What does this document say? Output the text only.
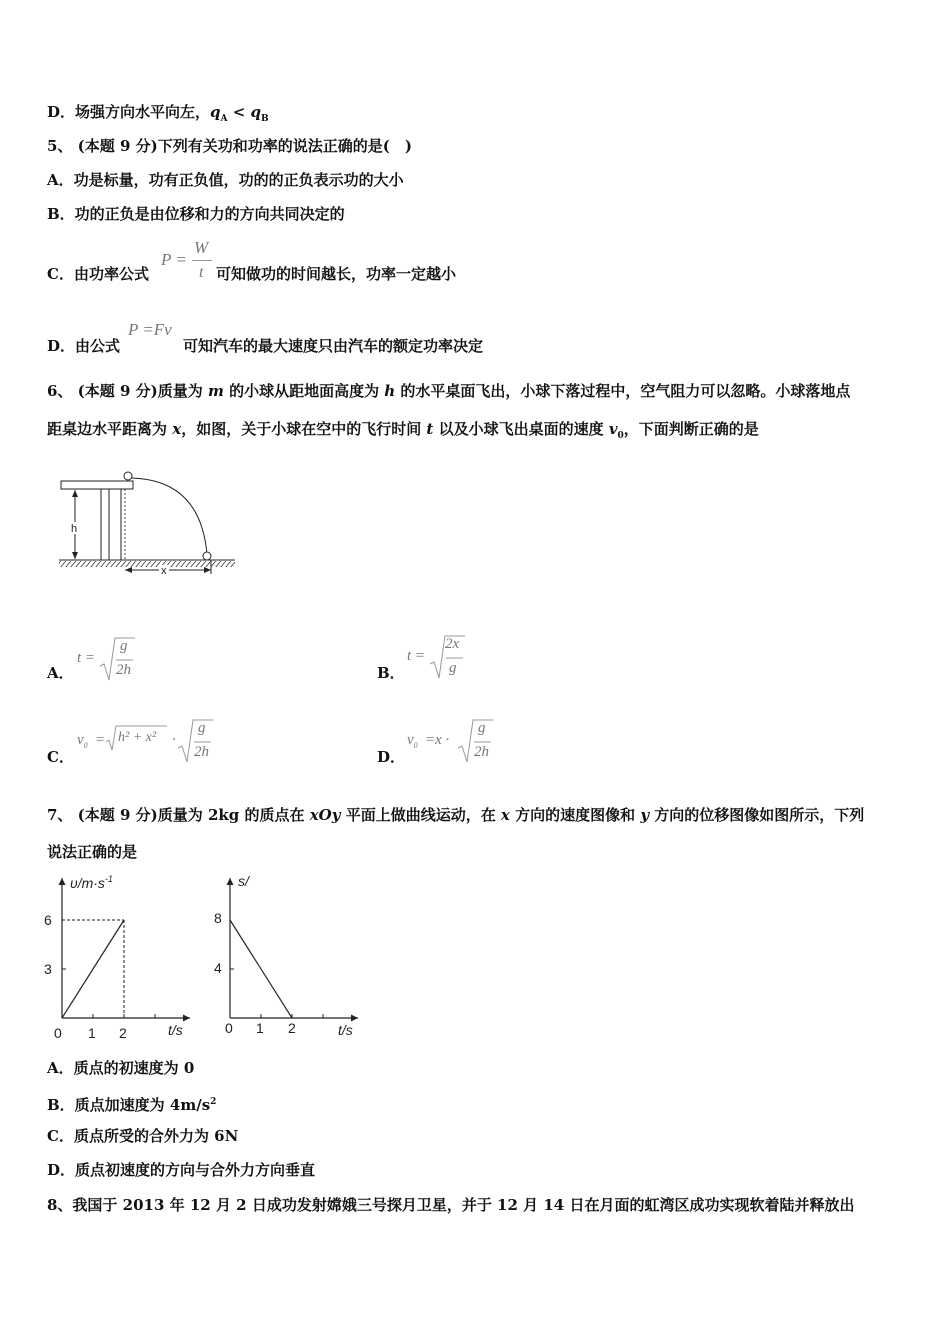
D．场强方向水平向左，$q_A < q_B$
5、 (本题 9 分)下列有关功和功率的说法正确的是(　)
A．功是标量，功有正负值，功的的正负表示功的大小
B．功的正负是由位移和力的方向共同决定的
C．由功率公式
P =
W
t 可知做功的时间越长，功率一定越小
D．由公式
P =Fv
可知汽车的最大速度只由汽车的额定功率决定
6、 (本题 9 分)质量为 m 的小球从距地面高度为 h 的水平桌面飞出，小球下落过程中，空气阻力可以忽略。小球落地点
距桌边水平距离为 x，如图，关于小球在空中的飞行时间 t 以及小球飞出桌面的速度 $v_0$，下面判断正确的是
h
x
A．
t =
g
2h	B．
t =
2x
g
C．
$v_0 = h^2 + x^2$ ·
g
2h	D．
$v_0 =x$ ·
g
2h
7、 (本题 9 分)质量为 2kg 的质点在 xOy 平面上做曲线运动，在 x 方向的速度图像和 y 方向的位移图像如图所示，下列
说法正确的是
$\upsilon/m\cdot s^{-1}$
t/s
6
3
0 1 2
s/
t/s
8
4
0 1 2
A．质点的初速度为 0
B．质点加速度为 $4m/s^2$
C．质点所受的合外力为 6N
D．质点初速度的方向与合外力方向垂直
8、我国于 2013 年 12 月 2 日成功发射嫦娥三号探月卫星，并于 12 月 14 日在月面的虹湾区成功实现软着陆并释放出
